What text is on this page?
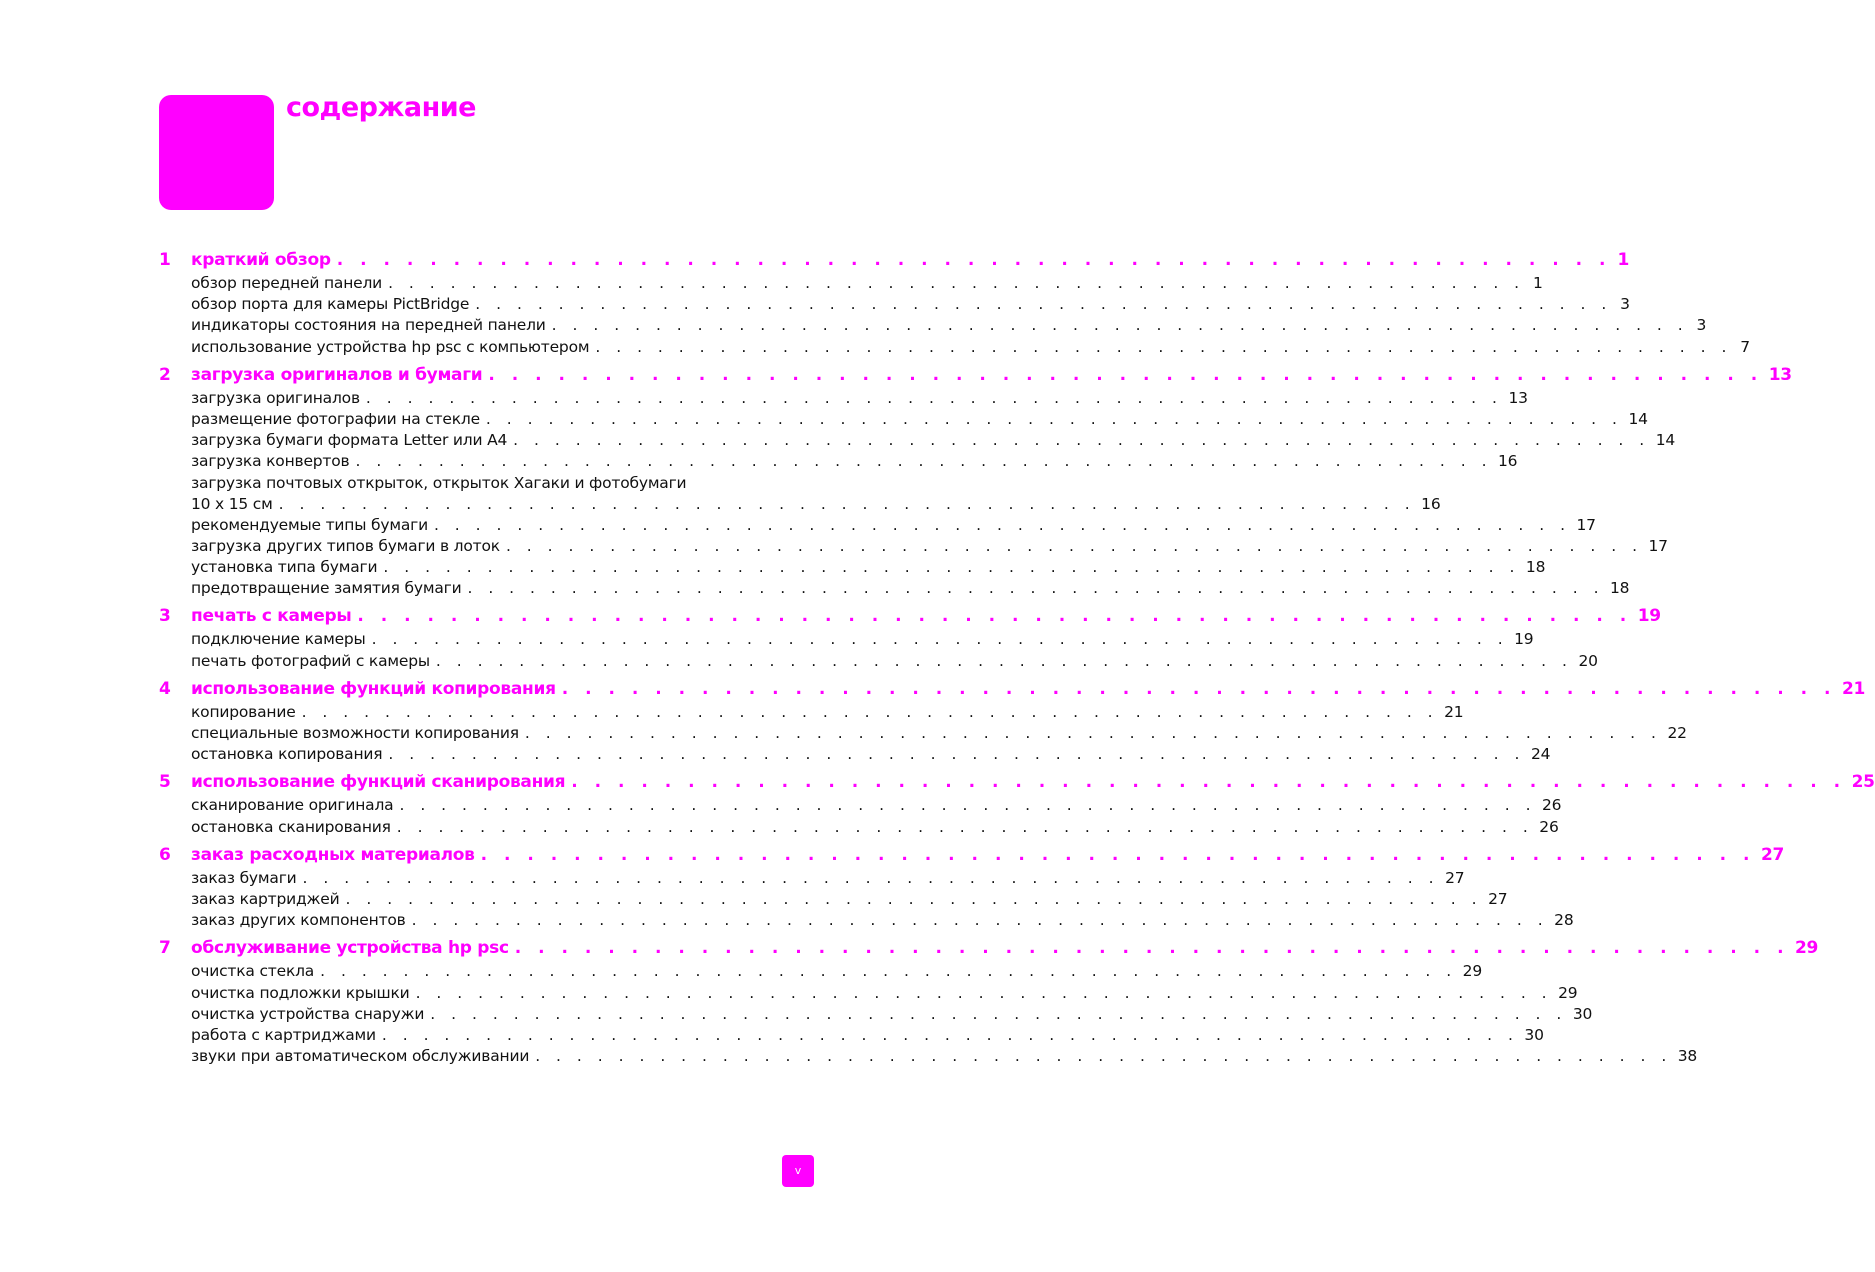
содержание
1	краткий обзор . . . . . . . . . . . . . . . . . . . . . . . . . . . . . . . . . . . . . . . . . . . . . . . . . . . . . . . 1
обзор передней панели . . . . . . . . . . . . . . . . . . . . . . . . . . . . . . . . . . . . . . . . . . . . . . . . . . . . . . . 1
обзор порта для камеры PictBridge . . . . . . . . . . . . . . . . . . . . . . . . . . . . . . . . . . . . . . . . . . . . . . . . . . . . . . . 3
индикаторы состояния на передней панели . . . . . . . . . . . . . . . . . . . . . . . . . . . . . . . . . . . . . . . . . . . . . . . . . . . . . . . 3
использование устройства hp psc с компьютером . . . . . . . . . . . . . . . . . . . . . . . . . . . . . . . . . . . . . . . . . . . . . . . . . . . . . . . 7
2	загрузка оригиналов и бумаги . . . . . . . . . . . . . . . . . . . . . . . . . . . . . . . . . . . . . . . . . . . . . . . . . . . . . . . 13
загрузка оригиналов . . . . . . . . . . . . . . . . . . . . . . . . . . . . . . . . . . . . . . . . . . . . . . . . . . . . . . . 13
размещение фотографии на стекле . . . . . . . . . . . . . . . . . . . . . . . . . . . . . . . . . . . . . . . . . . . . . . . . . . . . . . . 14
загрузка бумаги формата Letter или A4 . . . . . . . . . . . . . . . . . . . . . . . . . . . . . . . . . . . . . . . . . . . . . . . . . . . . . . . 14
загрузка конвертов . . . . . . . . . . . . . . . . . . . . . . . . . . . . . . . . . . . . . . . . . . . . . . . . . . . . . . . 16
загрузка почтовых открыток, открыток Хагаки и фотобумаги
10 x 15 см . . . . . . . . . . . . . . . . . . . . . . . . . . . . . . . . . . . . . . . . . . . . . . . . . . . . . . . 16
рекомендуемые типы бумаги . . . . . . . . . . . . . . . . . . . . . . . . . . . . . . . . . . . . . . . . . . . . . . . . . . . . . . . 17
загрузка других типов бумаги в лоток . . . . . . . . . . . . . . . . . . . . . . . . . . . . . . . . . . . . . . . . . . . . . . . . . . . . . . . 17
установка типа бумаги . . . . . . . . . . . . . . . . . . . . . . . . . . . . . . . . . . . . . . . . . . . . . . . . . . . . . . . 18
предотвращение замятия бумаги . . . . . . . . . . . . . . . . . . . . . . . . . . . . . . . . . . . . . . . . . . . . . . . . . . . . . . . 18
3	печать с камеры . . . . . . . . . . . . . . . . . . . . . . . . . . . . . . . . . . . . . . . . . . . . . . . . . . . . . . . 19
подключение камеры . . . . . . . . . . . . . . . . . . . . . . . . . . . . . . . . . . . . . . . . . . . . . . . . . . . . . . . 19
печать фотографий с камеры . . . . . . . . . . . . . . . . . . . . . . . . . . . . . . . . . . . . . . . . . . . . . . . . . . . . . . . 20
4	использование функций копирования . . . . . . . . . . . . . . . . . . . . . . . . . . . . . . . . . . . . . . . . . . . . . . . . . . . . . . . 21
копирование . . . . . . . . . . . . . . . . . . . . . . . . . . . . . . . . . . . . . . . . . . . . . . . . . . . . . . . 21
специальные возможности копирования . . . . . . . . . . . . . . . . . . . . . . . . . . . . . . . . . . . . . . . . . . . . . . . . . . . . . . . 22
остановка копирования . . . . . . . . . . . . . . . . . . . . . . . . . . . . . . . . . . . . . . . . . . . . . . . . . . . . . . . 24
5	использование функций сканирования . . . . . . . . . . . . . . . . . . . . . . . . . . . . . . . . . . . . . . . . . . . . . . . . . . . . . . . 25
сканирование оригинала . . . . . . . . . . . . . . . . . . . . . . . . . . . . . . . . . . . . . . . . . . . . . . . . . . . . . . . 26
остановка сканирования . . . . . . . . . . . . . . . . . . . . . . . . . . . . . . . . . . . . . . . . . . . . . . . . . . . . . . . 26
6	заказ расходных материалов . . . . . . . . . . . . . . . . . . . . . . . . . . . . . . . . . . . . . . . . . . . . . . . . . . . . . . . 27
заказ бумаги . . . . . . . . . . . . . . . . . . . . . . . . . . . . . . . . . . . . . . . . . . . . . . . . . . . . . . . 27
заказ картриджей . . . . . . . . . . . . . . . . . . . . . . . . . . . . . . . . . . . . . . . . . . . . . . . . . . . . . . . 27
заказ других компонентов . . . . . . . . . . . . . . . . . . . . . . . . . . . . . . . . . . . . . . . . . . . . . . . . . . . . . . . 28
7	обслуживание устройства hp psc . . . . . . . . . . . . . . . . . . . . . . . . . . . . . . . . . . . . . . . . . . . . . . . . . . . . . . . 29
очистка стекла . . . . . . . . . . . . . . . . . . . . . . . . . . . . . . . . . . . . . . . . . . . . . . . . . . . . . . . 29
очистка подложки крышки . . . . . . . . . . . . . . . . . . . . . . . . . . . . . . . . . . . . . . . . . . . . . . . . . . . . . . . 29
очистка устройства снаружи . . . . . . . . . . . . . . . . . . . . . . . . . . . . . . . . . . . . . . . . . . . . . . . . . . . . . . . 30
работа с картриджами . . . . . . . . . . . . . . . . . . . . . . . . . . . . . . . . . . . . . . . . . . . . . . . . . . . . . . . 30
звуки при автоматическом обслуживании . . . . . . . . . . . . . . . . . . . . . . . . . . . . . . . . . . . . . . . . . . . . . . . . . . . . . . . 38
v
